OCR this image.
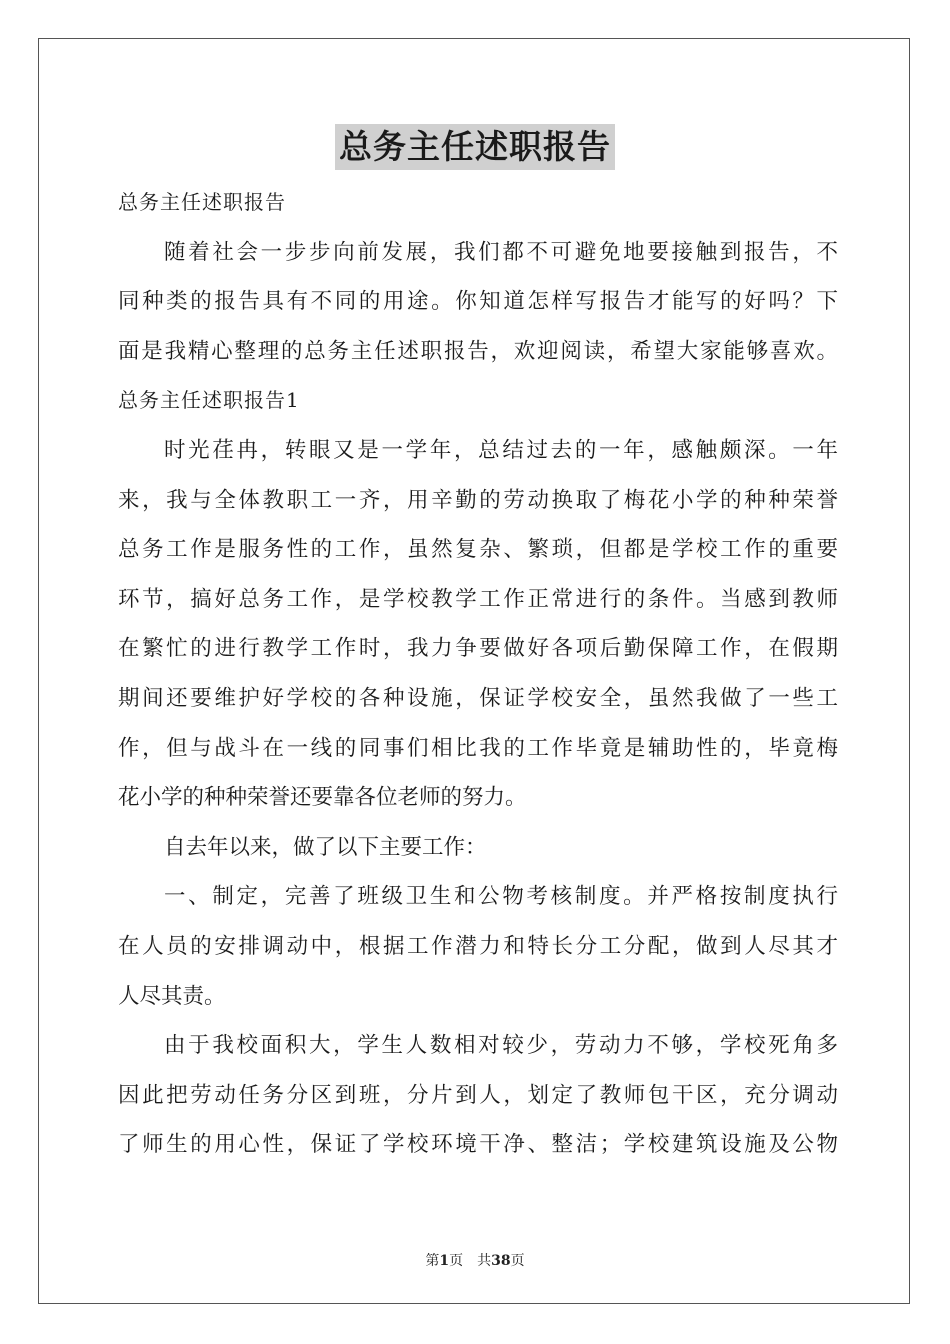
总务主任述职报告
总务主任述职报告
随着社会一步步向前发展，我们都不可避免地要接触到报告，不
同种类的报告具有不同的用途。你知道怎样写报告才能写的好吗？下
面是我精心整理的总务主任述职报告，欢迎阅读，希望大家能够喜欢。
总务主任述职报告1
时光荏冉，转眼又是一学年，总结过去的一年，感触颇深。一年
来，我与全体教职工一齐，用辛勤的劳动换取了梅花小学的种种荣誉
总务工作是服务性的工作，虽然复杂、繁琐，但都是学校工作的重要
环节，搞好总务工作，是学校教学工作正常进行的条件。当感到教师
在繁忙的进行教学工作时，我力争要做好各项后勤保障工作，在假期
期间还要维护好学校的各种设施，保证学校安全，虽然我做了一些工
作，但与战斗在一线的同事们相比我的工作毕竟是辅助性的，毕竟梅
花小学的种种荣誉还要靠各位老师的努力。
自去年以来，做了以下主要工作：
一、制定，完善了班级卫生和公物考核制度。并严格按制度执行
在人员的安排调动中，根据工作潜力和特长分工分配，做到人尽其才
人尽其责。
由于我校面积大，学生人数相对较少，劳动力不够，学校死角多
因此把劳动任务分区到班，分片到人，划定了教师包干区，充分调动
了师生的用心性，保证了学校环境干净、整洁；学校建筑设施及公物
第1页　共38页
